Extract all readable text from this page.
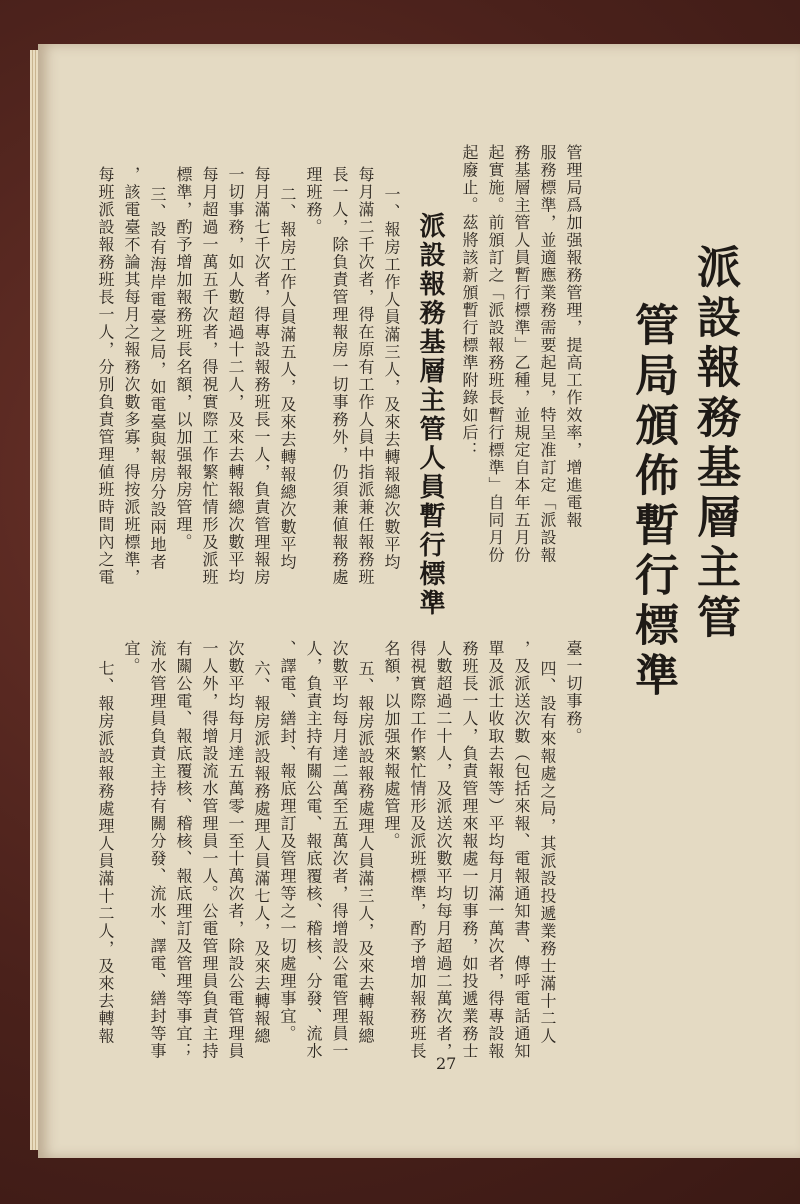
派設報務基層主管
管局頒佈暫行標準
管理局爲加强報務管理，提高工作效率，增進電報
服務標準，並適應業務需要起見，特呈准訂定「派設報
務基層主管人員暫行標準」乙種，並規定自本年五月份
起實施。前頒訂之「派設報務班長暫行標準」自同月份
起廢止。茲將該新頒暫行標準附錄如后：
派設報務基層主管人員暫行標準
一、報房工作人員滿三人，及來去轉報總次數平均
每月滿二千次者，得在原有工作人員中指派兼任報務班
長一人，除負責管理報房一切事務外，仍須兼値報務處
理班務。
二、報房工作人員滿五人，及來去轉報總次數平均
每月滿七千次者，得專設報務班長一人，負責管理報房
一切事務，如人數超過十二人，及來去轉報總次數平均
每月超過一萬五千次者，得視實際工作繁忙情形及派班
標準，酌予增加報務班長名額，以加强報房管理。
三、設有海岸電臺之局，如電臺與報房分設兩地者
，該電臺不論其每月之報務次數多寡，得按派班標準，
每班派設報務班長一人，分別負責管理値班時間內之電
臺一切事務。
四、設有來報處之局，其派設投遞業務士滿十二人
，及派送次數（包括來報、電報通知書、傳呼電話通知
單及派士收取去報等）平均每月滿一萬次者，得專設報
務班長一人，負責管理來報處一切事務，如投遞業務士
人數超過二十人，及派送次數平均每月超過二萬次者，
得視實際工作繁忙情形及派班標準，酌予增加報務班長
名額，以加强來報處管理。
五、報房派設報務處理人員滿三人，及來去轉報總
次數平均每月達二萬至五萬次者，得增設公電管理員一
人，負責主持有關公電、報底覆核、稽核、分發、流水
、譯電、繕封、報底理訂及管理等之一切處理事宜。
六、報房派設報務處理人員滿七人，及來去轉報總
次數平均每月達五萬零一至十萬次者，除設公電管理員
一人外，得增設流水管理員一人。公電管理員負責主持
有關公電、報底覆核、稽核、報底理訂及管理等事宜；
流水管理員負責主持有關分發、流水、譯電、繕封等事
宜。
七、報房派設報務處理人員滿十二人，及來去轉報
27
